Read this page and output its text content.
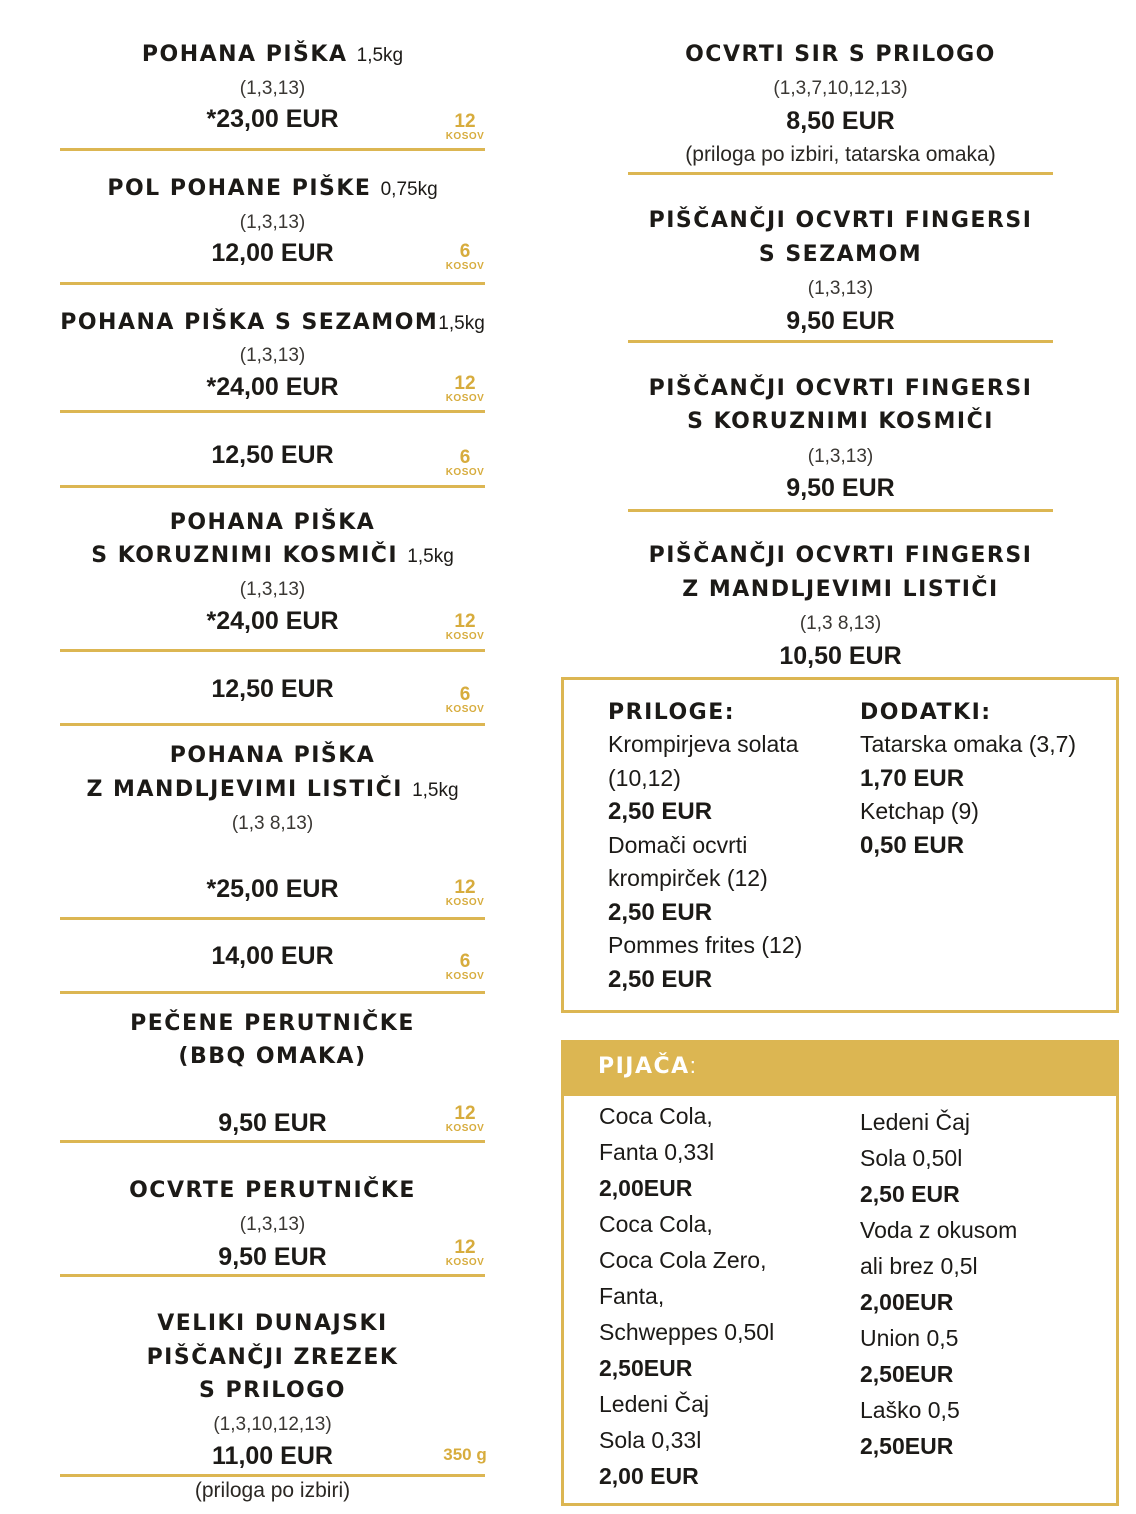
POHANA PIŠKA 1,5kg
(1,3,13)
*23,00 EUR	12
KOSOV
POL POHANE PIŠKE 0,75kg
(1,3,13)
12,00 EUR	6
KOSOV
POHANA PIŠKA S SEZAMOM1,5kg
(1,3,13)
*24,00 EUR	12
KOSOV
12,50 EUR	6
KOSOV
POHANA PIŠKA
S KORUZNIMI KOSMIČI 1,5kg
(1,3,13)
*24,00 EUR	12
KOSOV
12,50 EUR	6
KOSOV
POHANA PIŠKA
Z MANDLJEVIMI LISTIČI 1,5kg
(1,3 8,13)
*25,00 EUR	12
KOSOV
14,00 EUR	6
KOSOV
PEČENE PERUTNIČKE
(BBQ OMAKA)
9,50 EUR	12
KOSOV
OCVRTE PERUTNIČKE
(1,3,13)
9,50 EUR	12
KOSOV
VELIKI DUNAJSKI
PIŠČANČJI ZREZEK
S PRILOGO
(1,3,10,12,13)
11,00 EUR	350 g
(priloga po izbiri)
OCVRTI SIR S PRILOGO
(1,3,7,10,12,13)
8,50 EUR
(priloga po izbiri, tatarska omaka)
PIŠČANČJI OCVRTI FINGERSI
S SEZAMOM
(1,3,13)
9,50 EUR
PIŠČANČJI OCVRTI FINGERSI
S KORUZNIMI KOSMIČI
(1,3,13)
9,50 EUR
PIŠČANČJI OCVRTI FINGERSI
Z MANDLJEVIMI LISTIČI
(1,3 8,13)
10,50 EUR
PRILOGE:
Krompirjeva solata
(10,12)
2,50 EUR
Domači ocvrti
krompirček (12)
2,50 EUR
Pommes frites (12)
2,50 EUR
DODATKI:
Tatarska omaka (3,7)
1,70 EUR
Ketchap (9)
0,50 EUR
PIJAČA:
Coca Cola,
Fanta 0,33l
2,00EUR
Coca Cola,
Coca Cola Zero,
Fanta,
Schweppes 0,50l
2,50EUR
Ledeni Čaj
Sola 0,33l
2,00 EUR
Ledeni Čaj
Sola 0,50l
2,50 EUR
Voda z okusom
ali brez 0,5l
2,00EUR
Union 0,5
2,50EUR
Laško 0,5
2,50EUR
